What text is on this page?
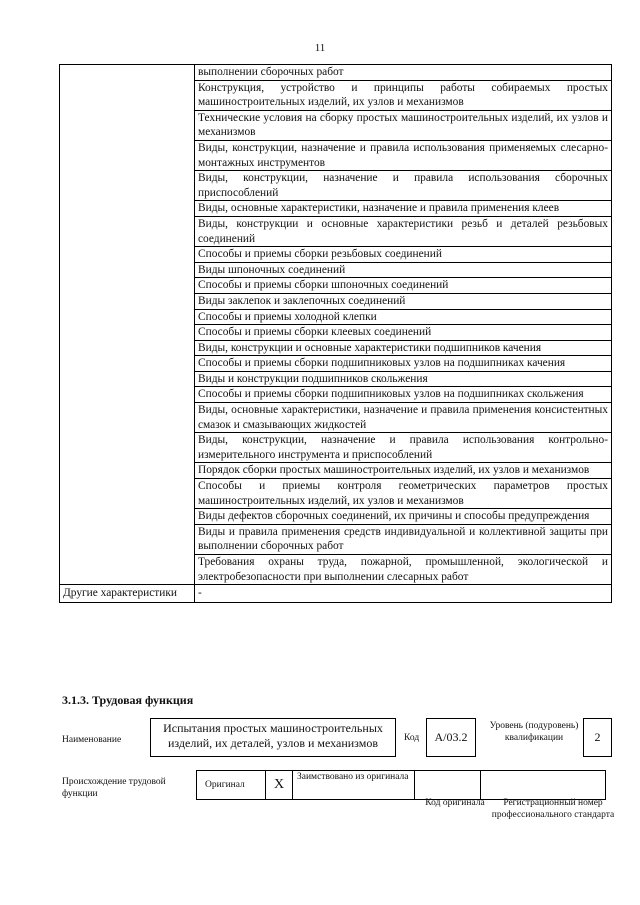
11
	выполнении сборочных работ
	Конструкция, устройство и принципы работы собираемых простых машиностроительных изделий, их узлов и механизмов
	Технические условия на сборку простых машиностроительных изделий, их узлов и механизмов
	Виды, конструкции, назначение и правила использования применяемых слесарно-монтажных инструментов
	Виды, конструкции, назначение и правила использования сборочных приспособлений
	Виды, основные характеристики, назначение и правила применения клеев
	Виды, конструкции и основные характеристики резьб и деталей резьбовых соединений
	Способы и приемы сборки резьбовых соединений
	Виды шпоночных соединений
	Способы и приемы сборки шпоночных соединений
	Виды заклепок и заклепочных соединений
	Способы и приемы холодной клепки
	Способы и приемы сборки клеевых соединений
	Виды, конструкции и основные характеристики подшипников качения
	Способы и приемы сборки подшипниковых узлов на подшипниках качения
	Виды и конструкции подшипников скольжения
	Способы и приемы сборки подшипниковых узлов на подшипниках скольжения
	Виды, основные характеристики, назначение и правила применения консистентных смазок и смазывающих жидкостей
	Виды, конструкции, назначение и правила использования контрольно-измерительного инструмента и приспособлений
	Порядок сборки простых машиностроительных изделий, их узлов и механизмов
	Способы и приемы контроля геометрических параметров простых машиностроительных изделий, их узлов и механизмов
	Виды дефектов сборочных соединений, их причины и способы предупреждения
	Виды и правила применения средств индивидуальной и коллективной защиты при выполнении сборочных работ
	Требования охраны труда, пожарной, промышленной, экологической и электробезопасности при выполнении слесарных работ
Другие характеристики	-
3.1.3. Трудовая функция
Наименование
Испытания простых машиностроительных изделий, их деталей, узлов и механизмов	Код	А/03.2
Уровень (подуровень) квалификации	2
Происхождение трудовой функции
Оригинал	X	Заимствовано из оригинала
Код оригинала	Регистрационный номер профессионального стандарта
